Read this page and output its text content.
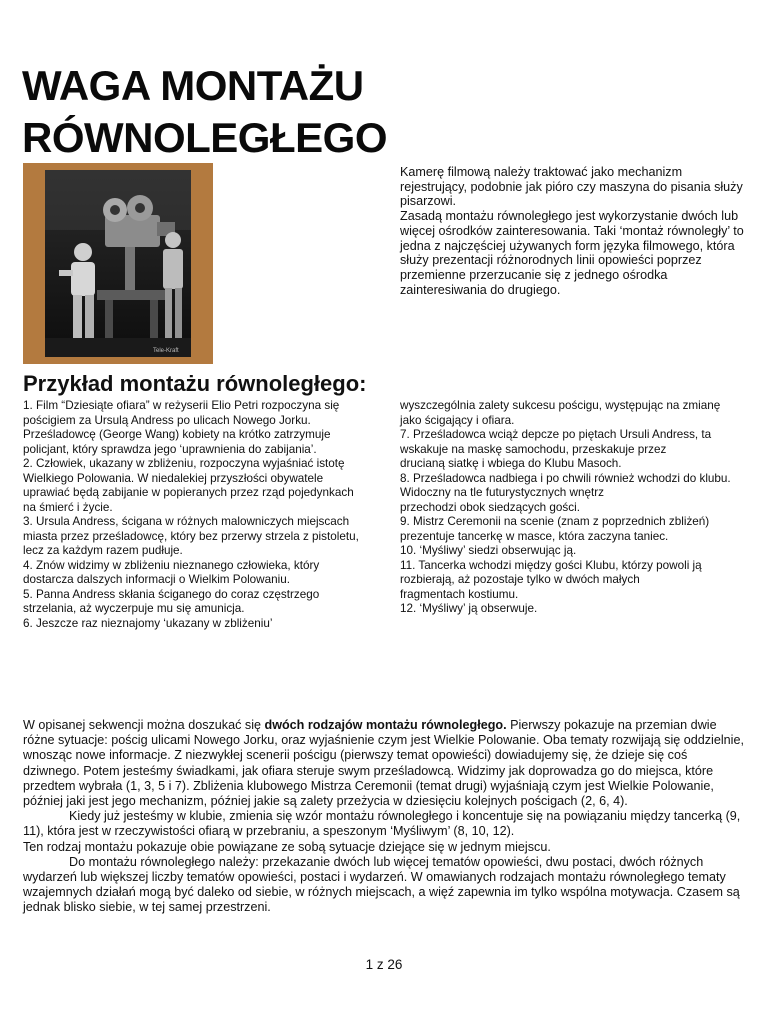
WAGA MONTAŻU
RÓWNOLEGŁEGO
Tele-Kraft

Kamerę filmową należy traktować jako mechanizm rejestrujący, podobnie jak pióro czy maszyna do pisania służy pisarzowi.

Zasadą montażu równoległego jest wykorzystanie dwóch lub więcej ośrodków zainteresowania. Taki ‘montaż równoległy’ to jedna z najczęściej używanych form języka filmowego, która służy prezentacji różnorodnych linii opowieści poprzez przemienne przerzucanie się z jednego ośrodka zainteresiwania do drugiego.

Przykład montażu równoległego:

1. Film “Dziesiąte ofiara” w reżyserii Elio Petri rozpoczyna się pościgiem za Ursulą Andress po ulicach Nowego Jorku. Prześladowcę (George Wang) kobiety na krótko zatrzymuje policjant, który sprawdza jego ‘uprawnienia do zabijania’.

2. Człowiek, ukazany w zbliżeniu, rozpoczyna wyjaśniać istotę Wielkiego Polowania. W niedalekiej przyszłości obywatele uprawiać będą zabijanie w popieranych przez rząd pojedynkach na śmierć i życie.

3. Ursula Andress, ścigana w różnych malowniczych miejscach miasta przez prześladowcę, który bez przerwy strzela z pistoletu, lecz za każdym razem pudłuje.

4. Znów widzimy w zbliżeniu nieznanego człowieka, który dostarcza dalszych informacji o Wielkim Polowaniu.

5. Panna Andress skłania ściganego do coraz częstrzego strzelania, aż wyczerpuje mu się amunicja.

6. Jeszcze raz nieznajomy ‘ukazany w zbliżeniu’

wyszczególnia zalety sukcesu pościgu, występując na zmianę

jako ścigający i ofiara.

7. Prześladowca wciąż depcze po piętach Ursuli Andress, ta wskakuje na maskę samochodu, przeskakuje przez

drucianą siatkę i wbiega do Klubu Masoch.

8. Prześladowca nadbiega i po chwili również wchodzi do klubu. Widoczny na tle futurystycznych wnętrz

przechodzi obok siedzących gości.

9. Mistrz Ceremonii na scenie (znam z poprzednich zbliżeń) prezentuje tancerkę w masce, która zaczyna taniec.

10. ‘Myśliwy’ siedzi obserwując ją.

11. Tancerka wchodzi między gości Klubu, którzy powoli ją rozbierają, aż pozostaje tylko w dwóch małych

fragmentach kostiumu.

12. ‘Myśliwy’ ją obserwuje.

W opisanej sekwencji można doszukać się dwóch rodzajów montażu równoległego. Pierwszy pokazuje na przemian dwie różne sytuacje: pościg ulicami Nowego Jorku, oraz wyjaśnienie czym jest Wielkie Polowanie. Oba tematy rozwijają się oddzielnie, wnosząc nowe informacje. Z niezwykłej scenerii pościgu (pierwszy temat opowieści) dowiadujemy się, że dzieje się coś dziwnego. Potem jesteśmy świadkami, jak ofiara steruje swym prześladowcą. Widzimy jak doprowadza go do miejsca, które przedtem wybrała (1, 3, 5 i 7). Zbliżenia klubowego Mistrza Ceremonii (temat drugi) wyjaśniają czym jest Wielkie Polowanie, później jaki jest jego mechanizm, później jakie są zalety przeżycia w dziesięciu kolejnych pościgach (2, 6, 4).

Kiedy już jesteśmy w klubie, zmienia się wzór montażu równoległego i koncentuje się na powiązaniu między tancerką (9, 11), która jest w rzeczywistości ofiarą w przebraniu, a speszonym ‘Myśliwym’ (8, 10, 12).

Ten rodzaj montażu pokazuje obie powiązane ze sobą sytuacje dziejące się w jednym miejscu.

Do montażu równoległego należy: przekazanie dwóch lub więcej tematów opowieści, dwu postaci, dwóch różnych wydarzeń lub większej liczby tematów opowieści, postaci i wydarzeń. W omawianych rodzajach montażu równoległego tematy wzajemnych działań mogą być daleko od siebie, w różnych miejscach, a więź zapewnia im tylko wspólna motywacja. Czasem są jednak blisko siebie, w tej samej przestrzeni.

1 z 26
